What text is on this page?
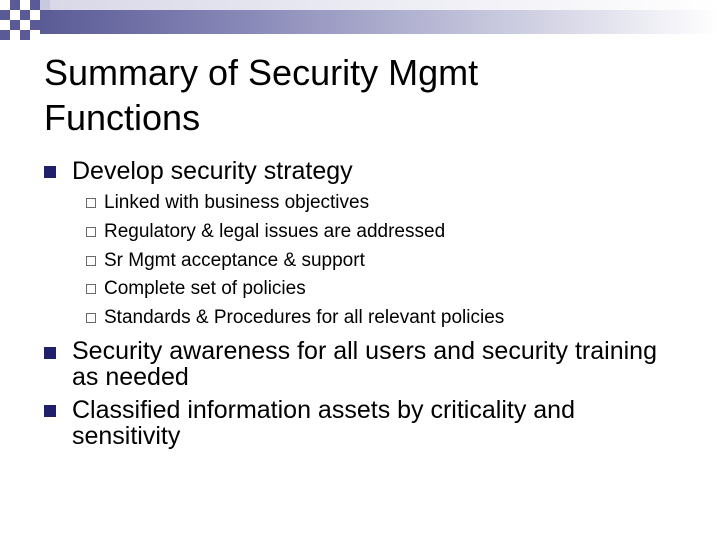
Summary of Security Mgmt
Functions
Develop security strategy
Linked with business objectives
Regulatory & legal issues are addressed
Sr Mgmt acceptance & support
Complete set of policies
Standards & Procedures for all relevant policies
Security awareness for all users and security training as needed
Classified information assets by criticality and sensitivity
